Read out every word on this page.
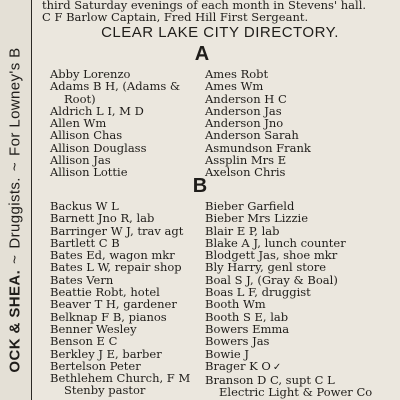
OCK & SHEA.~Druggists.~For Lowney's B
third Saturday evenings of each month in Stevens' hall.
C F Barlow Captain, Fred Hill First Sergeant.
CLEAR LAKE CITY DIRECTORY.
A
Abby Lorenzo
Adams B H, (Adams &
Root)
Aldrich L I, M D
Allen Wm
Allison Chas
Allison Douglass
Allison Jas
Allison Lottie
Ames Robt
Ames Wm
Anderson H C
Anderson Jas
Anderson Jno
Anderson Sarah
Asmundson Frank
Assplin Mrs E
Axelson Chris
B
Backus W L
Barnett Jno R, lab
Barringer W J, trav agt
Bartlett C B
Bates Ed, wagon mkr
Bates L W, repair shop
Bates Vern
Beattie Robt, hotel
Beaver T H, gardener
Belknap F B, pianos
Benner Wesley
Benson E C
Berkley J E, barber
Bertelson Peter
Bethlehem Church, F M
Stenby pastor
Bieber Garfield
Bieber Mrs Lizzie
Blair E P, lab
Blake A J, lunch counter
Blodgett Jas, shoe mkr
Bly Harry, genl store
Boal S J, (Gray & Boal)
Boas L F, druggist
Booth Wm
Booth S E, lab
Bowers Emma
Bowers Jas
Bowie J
Brager K O ✓
Branson D C, supt C L
Electric Light & Power Co
